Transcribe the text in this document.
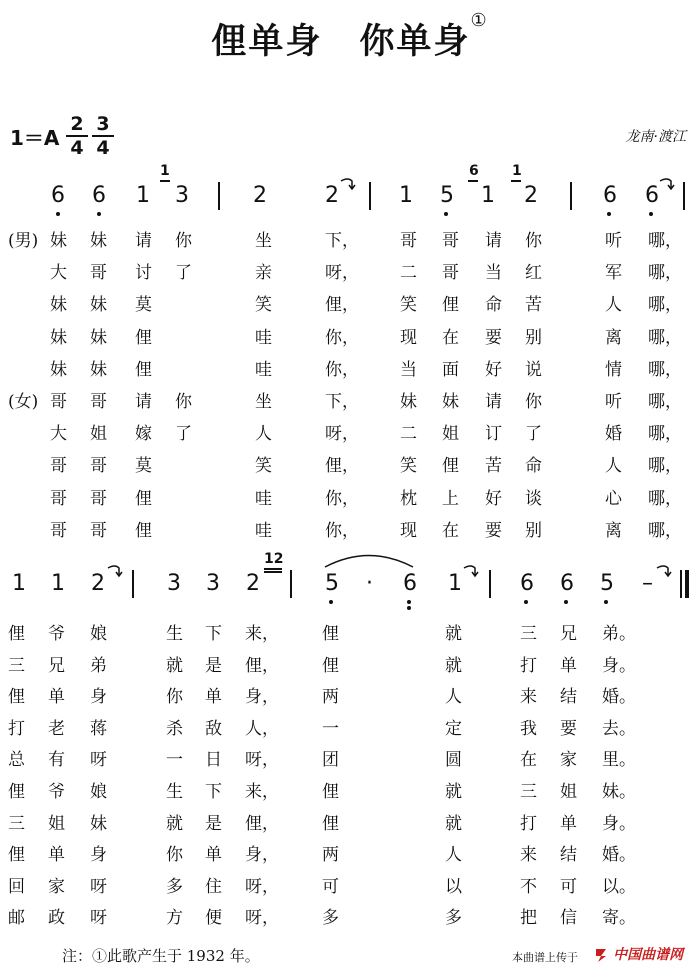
俚单身　你单身①
1＝A
2
4
3
4	龙南·渡江
6 6 1
1
3	2	2	1 5
6
1
1
2	6 6
(男) 妹 妹 请 你	坐	下， 哥 哥 请 你	听 哪，
大 哥 讨 了	亲	呀， 二 哥 当 红	军 哪，
妹 妹 莫	笑	俚， 笑 俚 命 苦	人 哪，
妹 妹 俚	哇	你， 现 在 要 别	离 哪，
妹 妹 俚	哇	你， 当 面 好 说	情 哪，
(女) 哥 哥 请 你	坐	下， 妹 妹 请 你	听 哪，
大 姐 嫁 了	人	呀， 二 姐 订 了	婚 哪，
哥 哥 莫	笑	俚， 笑 俚 苦 命	人 哪，
哥 哥 俚	哇	你， 枕 上 好 谈	心 哪，
哥 哥 俚	哇	你， 现 在 要 别	离 哪，
1 1 2	3 3 2
12
5 · 6 1	6 6 5 –
俚 爷 娘	生 下 来，	俚	就	三 兄 弟。
三 兄 弟	就 是 俚，	俚	就	打 单 身。
俚 单 身	你 单 身，	两	人	来 结 婚。
打 老 蒋	杀 敌 人，	一	定	我 要 去。
总 有 呀	一 日 呀，	团	圆	在 家 里。
俚 爷 娘	生 下 来，	俚	就	三 姐 妹。
三 姐 妹	就 是 俚，	俚	就	打 单 身。
俚 单 身	你 单 身，	两	人	来 结 婚。
回 家 呀	多 住 呀，	可	以	不 可 以。
邮 政 呀	方 便 呀，	多	多	把 信 寄。
注：①此歌产生于 1932 年。	本曲谱上传于	中国曲谱网
